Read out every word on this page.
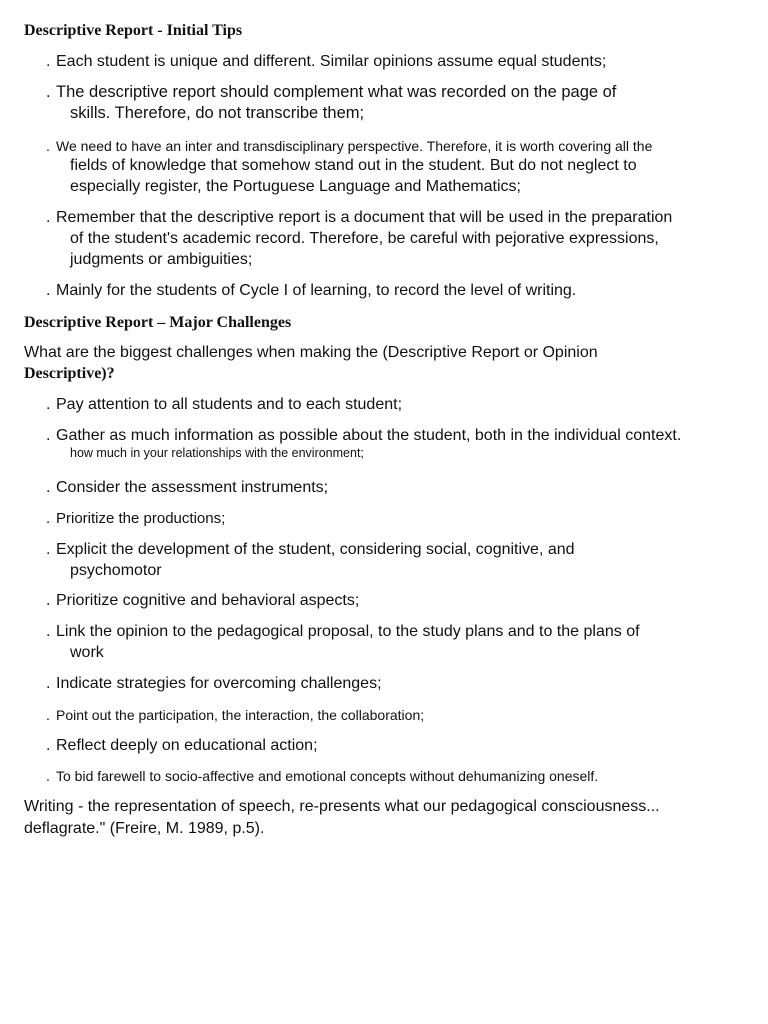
Descriptive Report - Initial Tips
. Each student is unique and different. Similar opinions assume equal students;
. The descriptive report should complement what was recorded on the page of
skills. Therefore, do not transcribe them;
. We need to have an inter and transdisciplinary perspective. Therefore, it is worth covering all the
fields of knowledge that somehow stand out in the student. But do not neglect to
especially register, the Portuguese Language and Mathematics;
. Remember that the descriptive report is a document that will be used in the preparation
of the student's academic record. Therefore, be careful with pejorative expressions,
judgments or ambiguities;
. Mainly for the students of Cycle I of learning, to record the level of writing.
Descriptive Report – Major Challenges
What are the biggest challenges when making the (Descriptive Report or Opinion
Descriptive)?
. Pay attention to all students and to each student;
. Gather as much information as possible about the student, both in the individual context.
how much in your relationships with the environment;
. Consider the assessment instruments;
. Prioritize the productions;
. Explicit the development of the student, considering social, cognitive, and
psychomotor
. Prioritize cognitive and behavioral aspects;
. Link the opinion to the pedagogical proposal, to the study plans and to the plans of
work
. Indicate strategies for overcoming challenges;
. Point out the participation, the interaction, the collaboration;
. Reflect deeply on educational action;
. To bid farewell to socio-affective and emotional concepts without dehumanizing oneself.
Writing - the representation of speech, re-presents what our pedagogical consciousness...
deflagrate." (Freire, M. 1989, p.5).
